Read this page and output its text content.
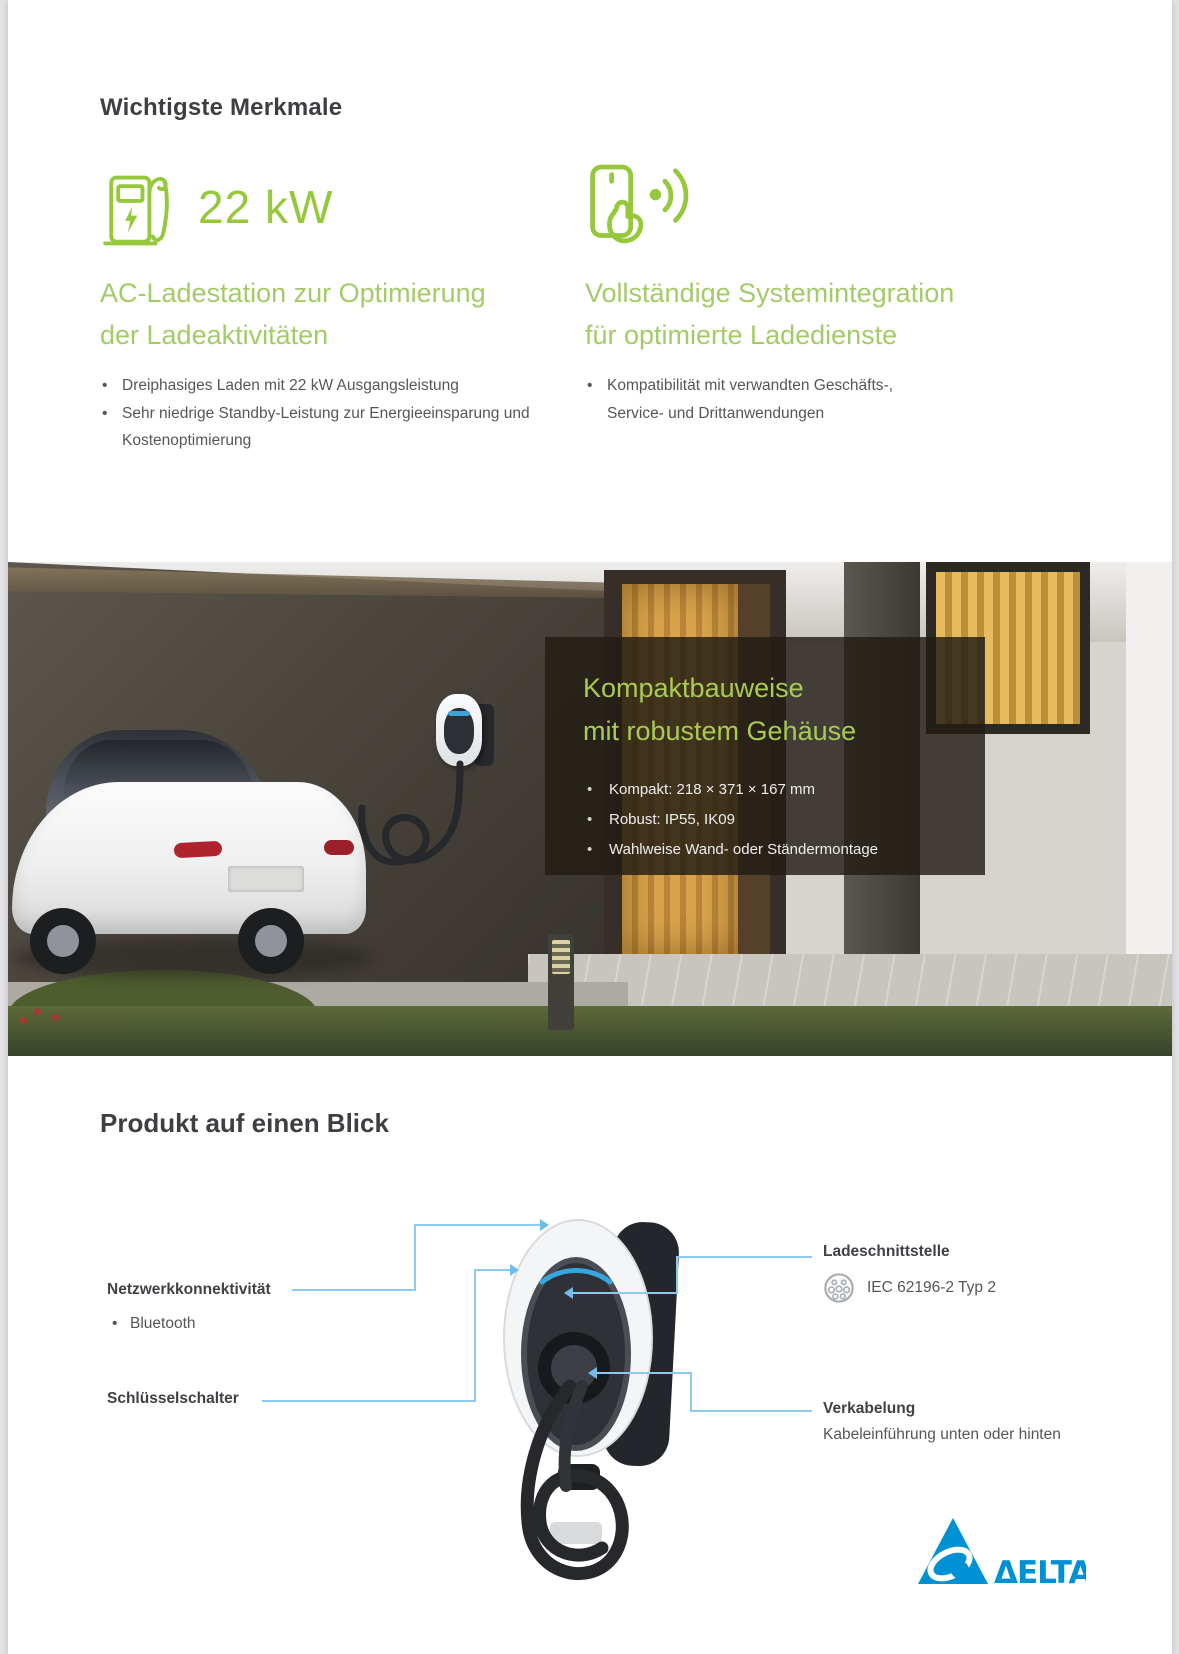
Wichtigste Merkmale
22 kW
AC-Ladestation zur Optimierung
der Ladeaktivitäten
• Dreiphasiges Laden mit 22 kW Ausgangsleistung
• Sehr niedrige Standby-Leistung zur Energieeinsparung und Kostenoptimierung
Vollständige Systemintegration
für optimierte Ladedienste
• Kompatibilität mit verwandten Geschäfts-, Service- und Drittanwendungen
Kompaktbauweise
mit robustem Gehäuse
• Kompakt: 218 × 371 × 167 mm
• Robust: IP55, IK09
• Wahlweise Wand- oder Ständermontage
Produkt auf einen Blick
Netzwerkkonnektivität
• Bluetooth
Schlüsselschalter
Ladeschnittstelle
IEC 62196-2 Typ 2
Verkabelung
Kabeleinführung unten oder hinten
ΔELTA
